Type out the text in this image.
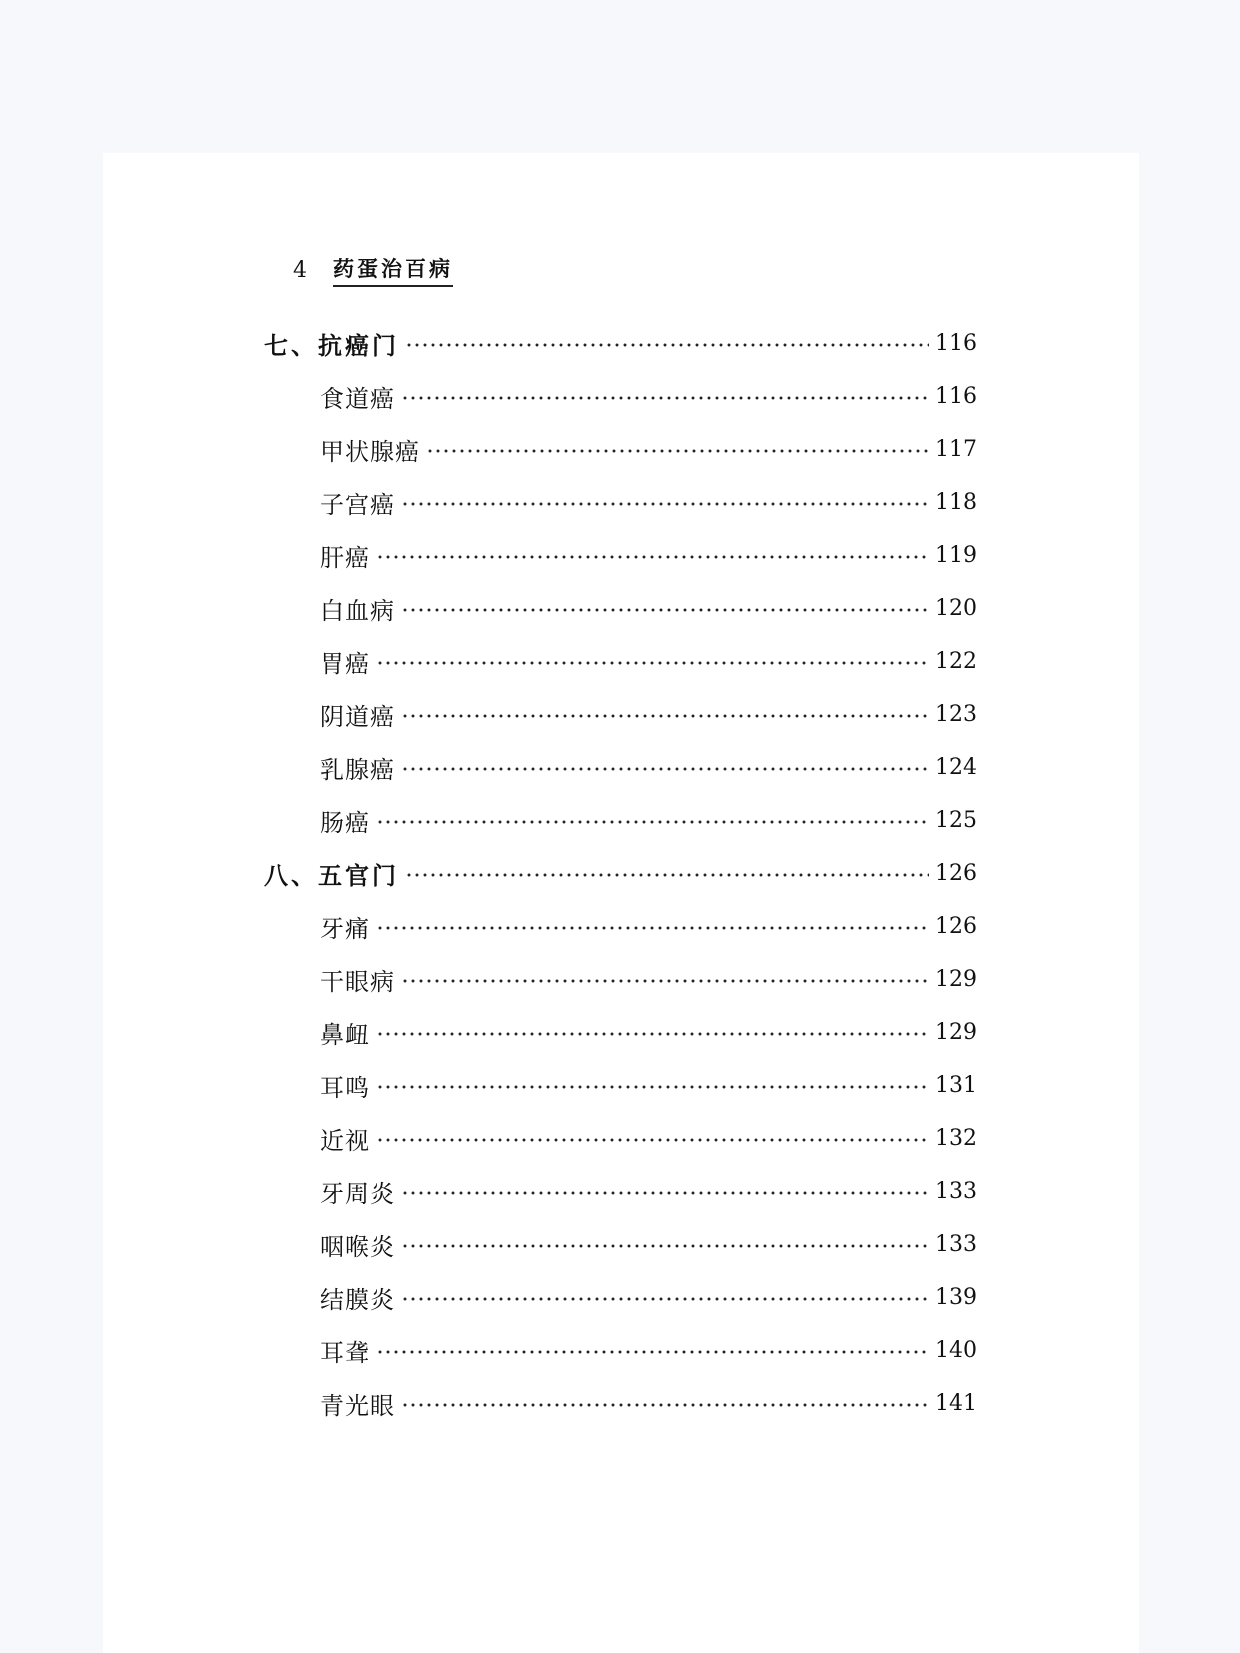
4 药蛋治百病
七、抗癌门	116
食道癌	116
甲状腺癌	117
子宫癌	118
肝癌	119
白血病	120
胃癌	122
阴道癌	123
乳腺癌	124
肠癌	125
八、五官门	126
牙痛	126
干眼病	129
鼻衄	129
耳鸣	131
近视	132
牙周炎	133
咽喉炎	133
结膜炎	139
耳聋	140
青光眼	141
